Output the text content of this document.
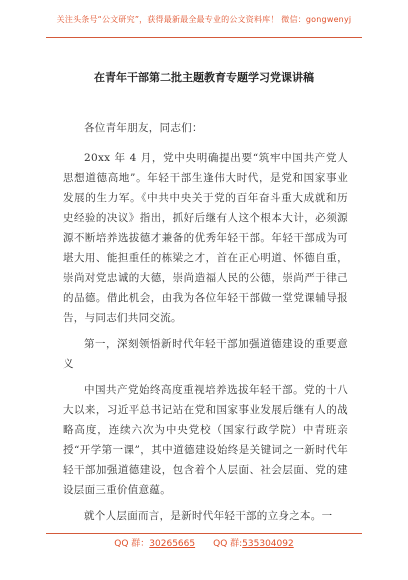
关注头条号“公文研究”，获得最新最全最专业的公文资料库！ 微信：gongwenyj
在青年干部第二批主题教育专题学习党课讲稿

各位青年朋友，同志们：

20xx 年 4 月，党中央明确提出要“筑牢中国共产党人思想道德高地”。年轻干部生逢伟大时代，是党和国家事业发展的生力军。《中共中央关于党的百年奋斗重大成就和历史经验的决议》指出，抓好后继有人这个根本大计，必须源源不断培养选拔德才兼备的优秀年轻干部。年轻干部成为可堪大用、能担重任的栋梁之才，首在正心明道、怀德自重，崇尚对党忠诚的大德，崇尚造福人民的公德，崇尚严于律己的品德。借此机会，由我为各位年轻干部做一堂党课辅导报告，与同志们共同交流。

第一，深刻领悟新时代年轻干部加强道德建设的重要意义

中国共产党始终高度重视培养选拔年轻干部。党的十八大以来，习近平总书记站在党和国家事业发展后继有人的战略高度，连续六次为中央党校（国家行政学院）中青班亲授“开学第一课”，其中道德建设始终是关键词之一新时代年轻干部加强道德建设，包含着个人层面、社会层面、党的建设层面三重价值意蕴。

就个人层面而言，是新时代年轻干部的立身之本。一

QQ 群：30265665 QQ 群:535304092
